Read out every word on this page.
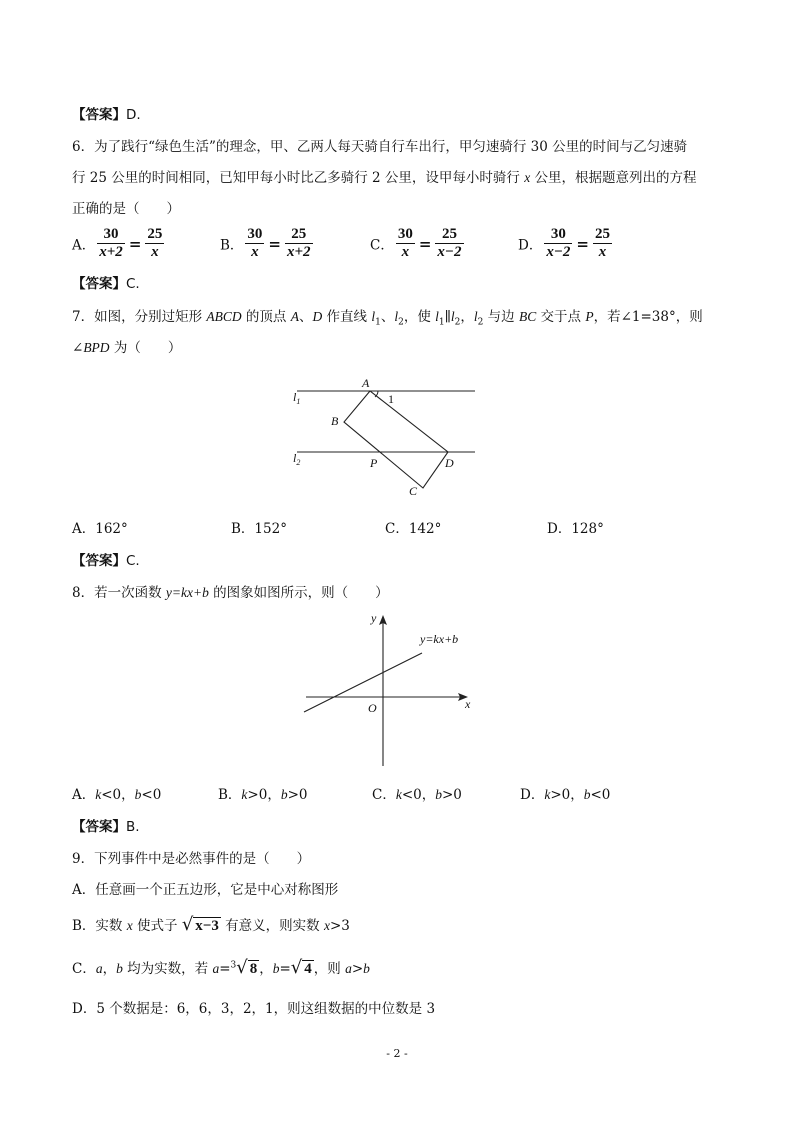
【答案】D.
6．为了践行“绿色生活”的理念，甲、乙两人每天骑自行车出行，甲匀速骑行 30 公里的时间与乙匀速骑
行 25 公里的时间相同，已知甲每小时比乙多骑行 2 公里，设甲每小时骑行 x 公里，根据题意列出的方程
正确的是（　　）
A． $\frac{30}{x+2} = \frac{25}{x}$	B． $\frac{30}{x} = \frac{25}{x+2}$	C． $\frac{30}{x} = \frac{25}{x-2}$	D． $\frac{30}{x-2} = \frac{25}{x}$
【答案】C.
7．如图，分别过矩形 ABCD 的顶点 A、D 作直线 $l_1$、$l_2$，使 $l_1\parallel l_2$，$l_2$ 与边 BC 交于点 P，若∠1=38°，则
∠BPD 为（　　）
$l_1$
$l_2$
A
1
B
P	D
C
A．162°	B．152°	C．142°	D．128°
【答案】C.
8．若一次函数 y=kx+b 的图象如图所示，则（　　）
y
x
O
y=kx+b
A．k<0，b<0	B．k>0，b>0	C．k<0，b>0	D．k>0，b<0
【答案】B.
9．下列事件中是必然事件的是（　　）
A．任意画一个正五边形，它是中心对称图形
B．实数 x 使式子 √ x−3 有意义，则实数 x>3
C．a，b 均为实数，若 a=$^3$√ 8 ，b=√ 4 ，则 a>b
D．5 个数据是：6，6，3，2，1，则这组数据的中位数是 3
- 2 -
